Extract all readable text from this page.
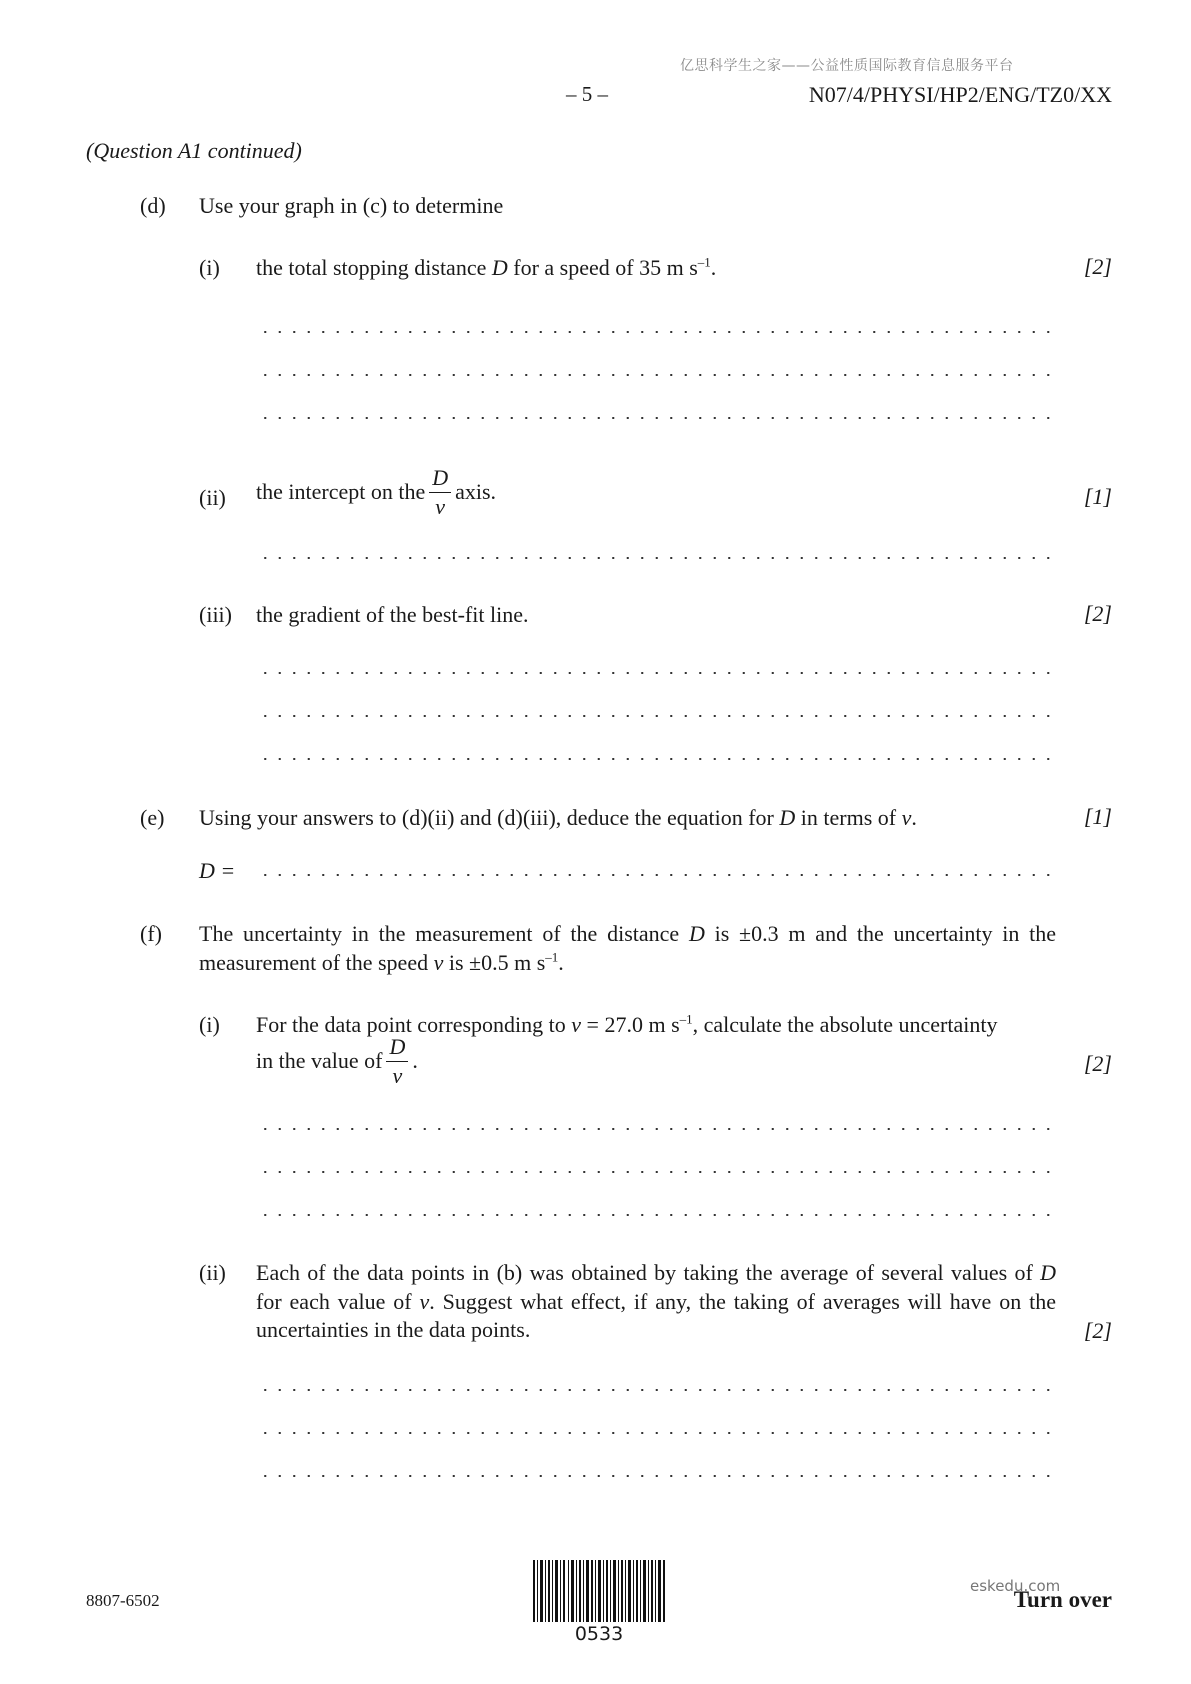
亿思科学生之家——公益性质国际教育信息服务平台
– 5 –	N07/4/PHYSI/HP2/ENG/TZ0/XX
(Question A1 continued)
(d) Use your graph in (c) to determine
(i) the total stopping distance D for a speed of 35 m $s^{-1}$.	[2]
(ii) the intercept on the $\frac{D}{v}$ axis.	[1]
(iii) the gradient of the best-fit line.	[2]
(e) Using your answers to (d)(ii) and (d)(iii), deduce the equation for D in terms of v.	[1]
D =
(f) The uncertainty in the measurement of the distance D is ±0.3 m and the uncertainty in the measurement of the speed v is ±0.5 m $s^{-1}$.
(i) For the data point corresponding to v = 27.0 m $s^{-1}$, calculate the absolute uncertainty
in the value of $\frac{D}{v}$ .	[2]
(ii) Each of the data points in (b) was obtained by taking the average of several values of D for each value of v. Suggest what effect, if any, the taking of averages will have on the uncertainties in the data points.	[2]
8807-6502
0533
eskedu.com
Turn over
